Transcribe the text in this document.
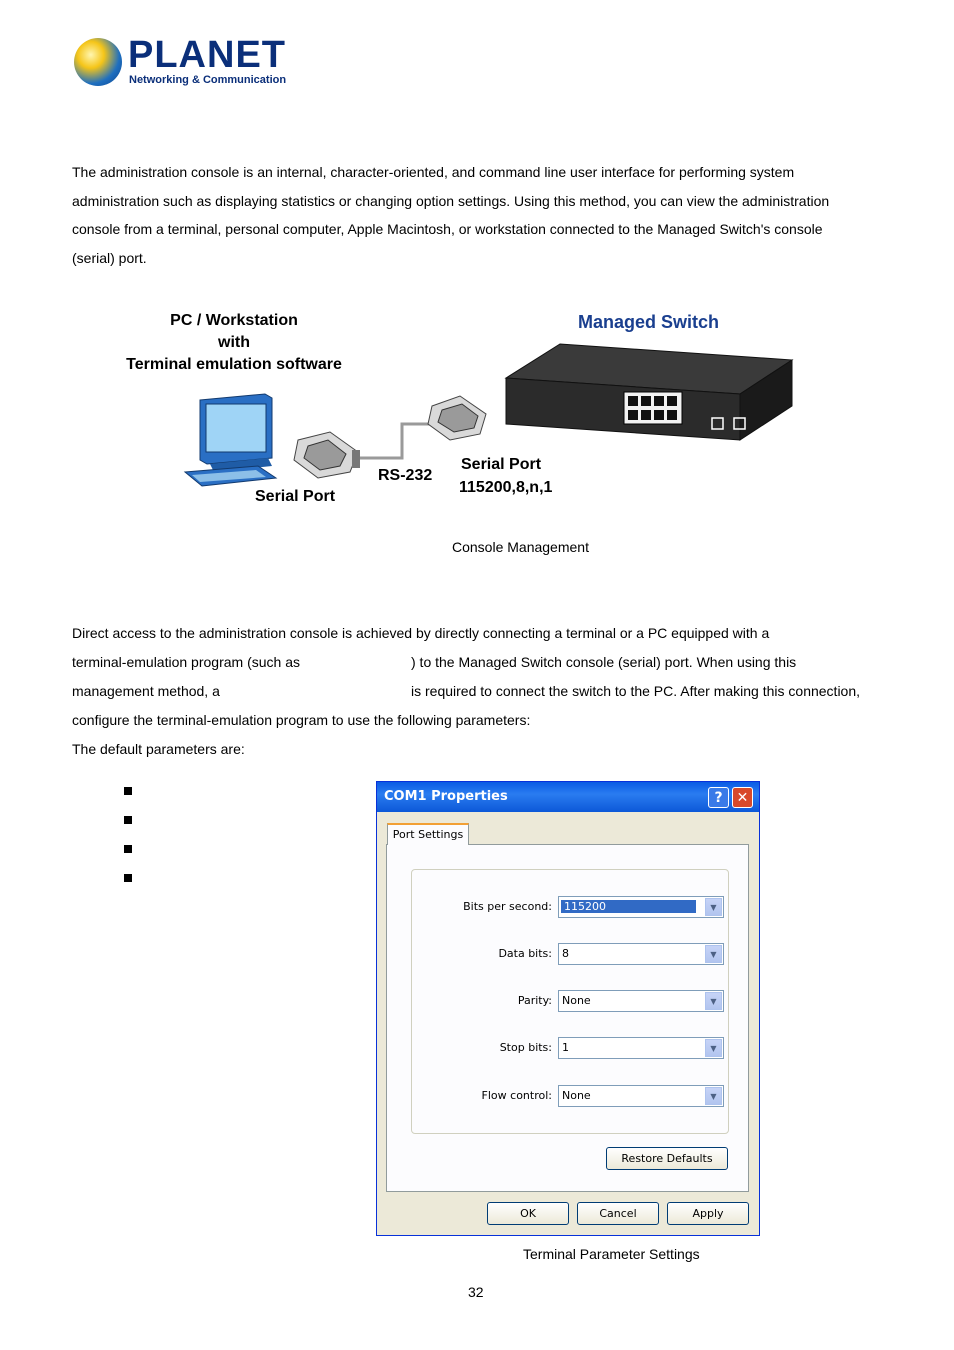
PLANET
Networking & Communication
The administration console is an internal, character-oriented, and command line user interface for performing system
administration such as displaying statistics or changing option settings. Using this method, you can view the administration
console from a terminal, personal computer, Apple Macintosh, or workstation connected to the Managed Switch's console
(serial) port.
PC / Workstation
with
Terminal emulation software
Managed Switch
Serial Port
RS-232
Serial Port
115200,8,n,1
Console Management
Direct access to the administration console is achieved by directly connecting a terminal or a PC equipped with a
terminal-emulation program (such as	) to the Managed Switch console (serial) port. When using this
management method, a	is required to connect the switch to the PC. After making this connection,
configure the terminal-emulation program to use the following parameters:
The default parameters are:
COM1 Properties	?	✕
Bits per second: 115200	▼
Data bits: 8	▼
Parity: None	▼
Stop bits: 1	▼
Flow control: None	▼
Restore Defaults
Port Settings
OK	Cancel	Apply
Terminal Parameter Settings
32
